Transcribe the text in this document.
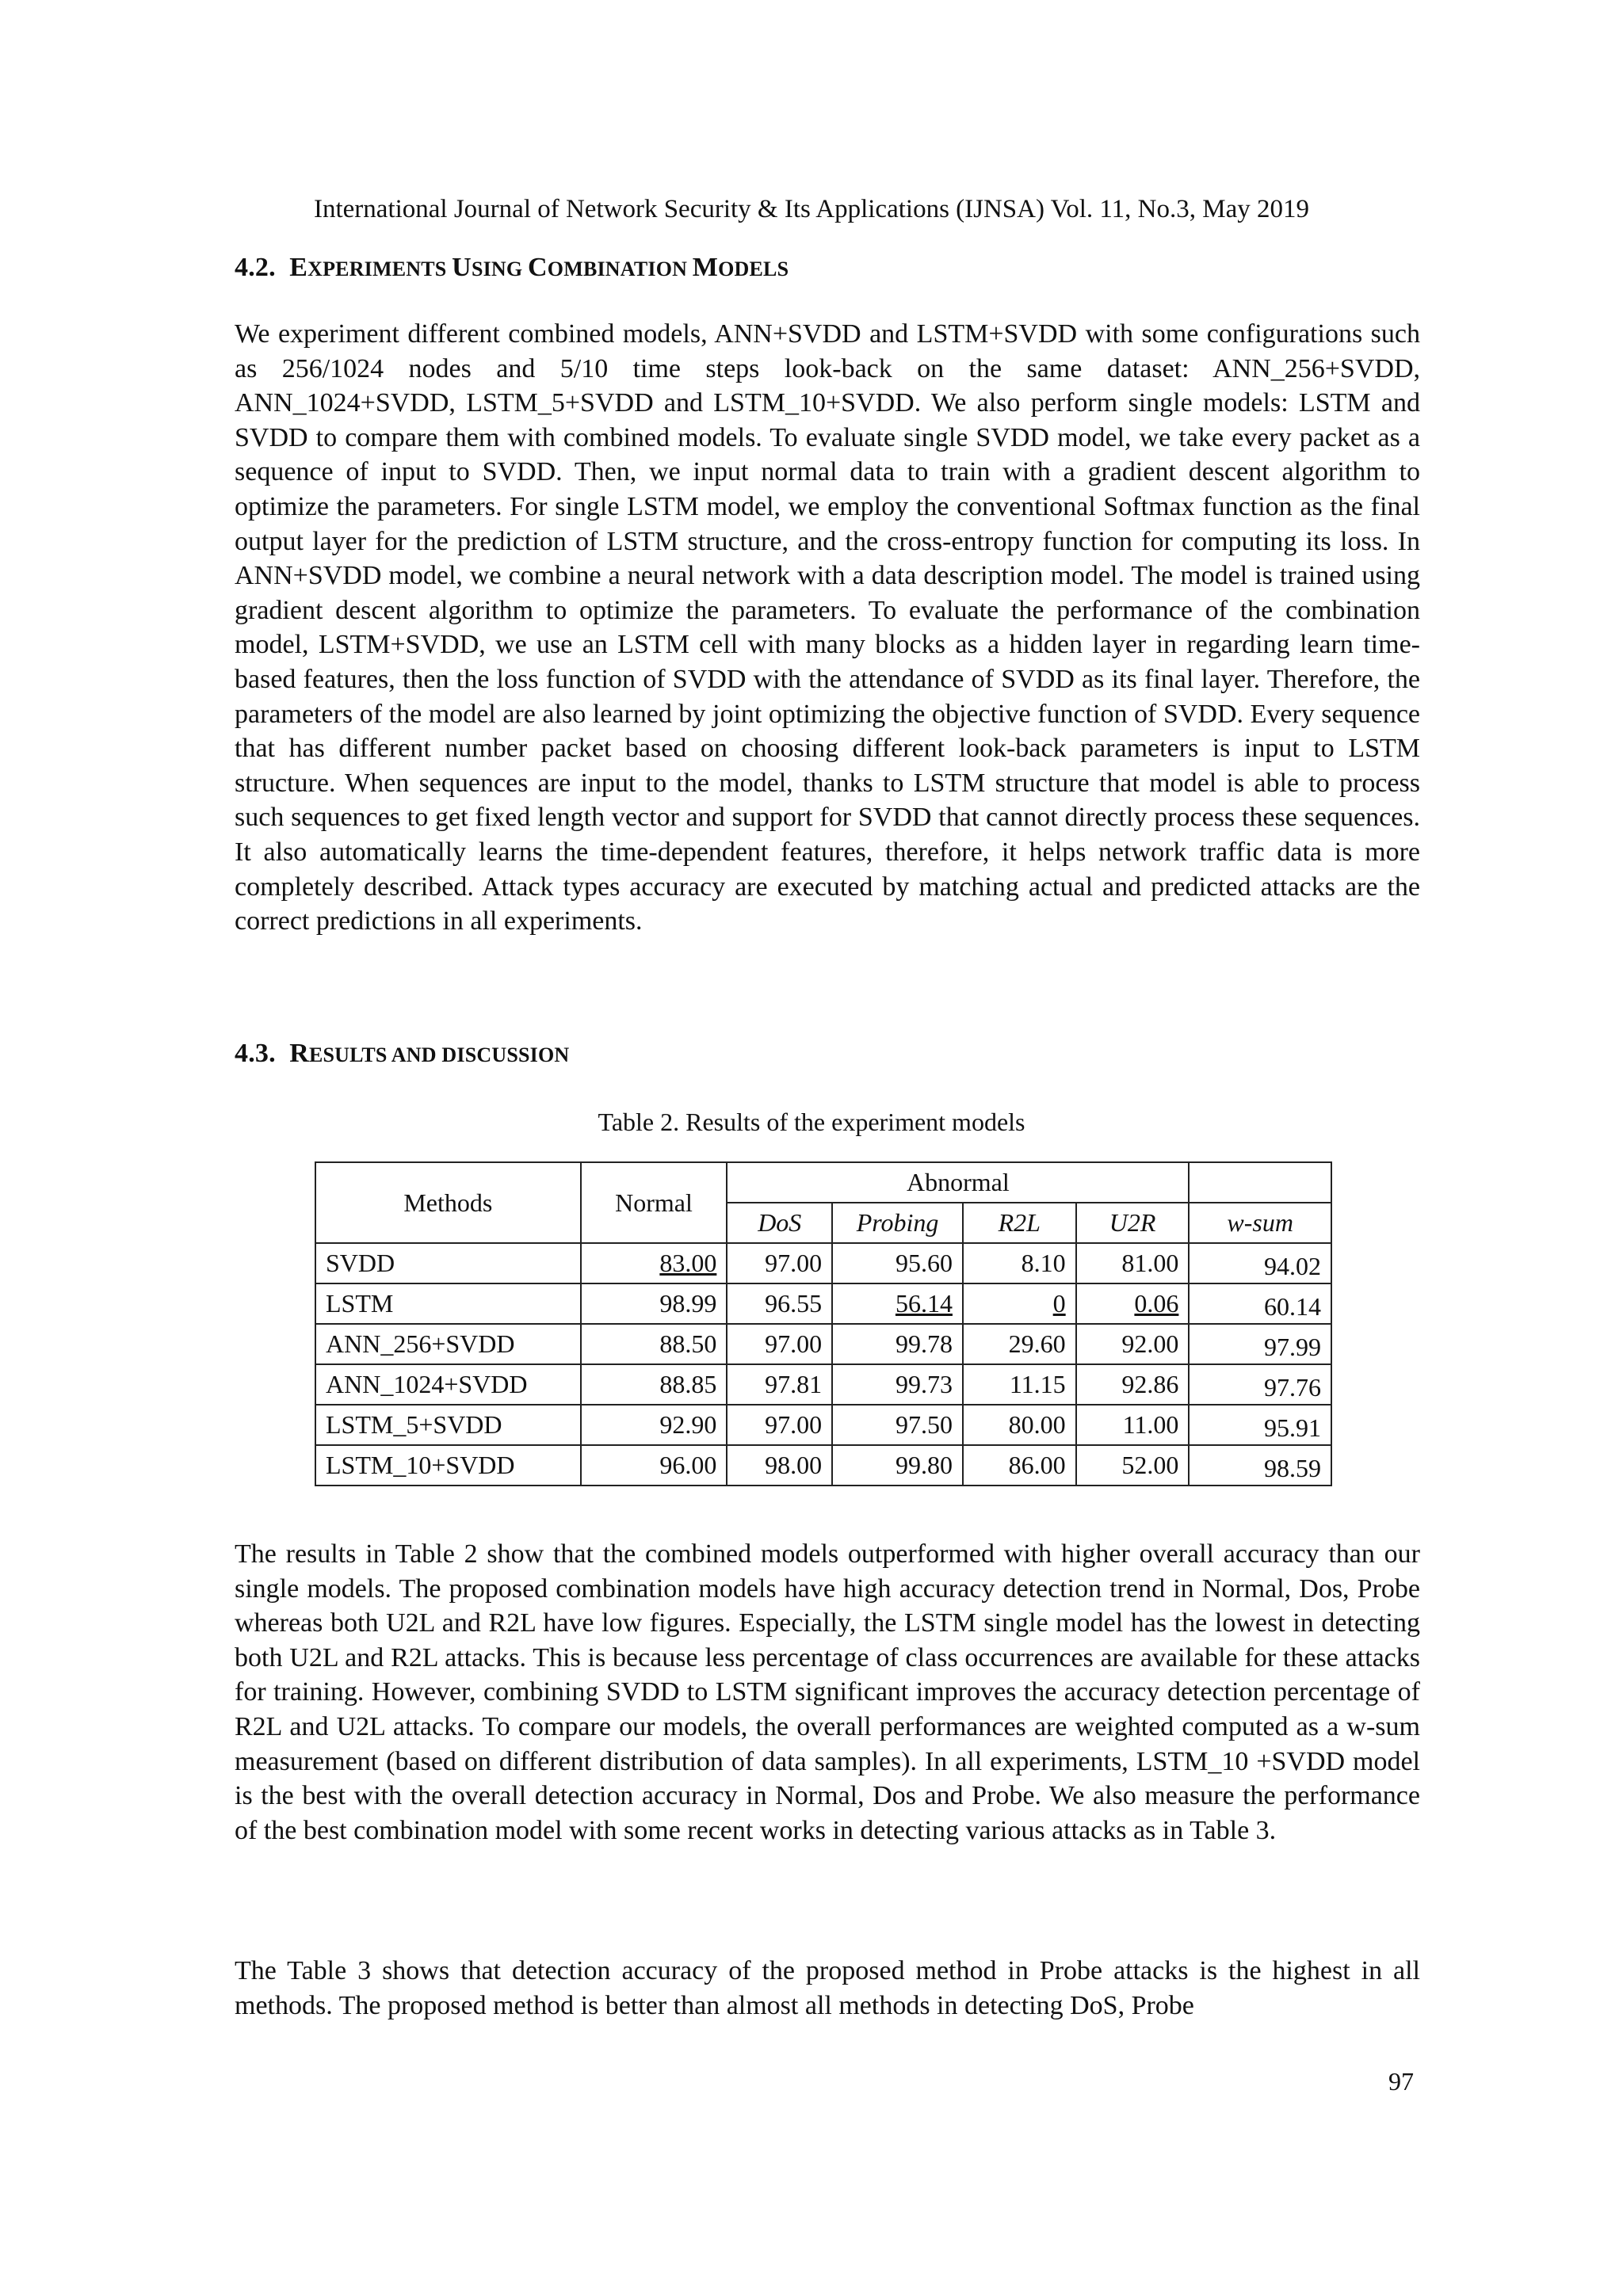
International Journal of Network Security & Its Applications (IJNSA) Vol. 11, No.3, May 2019
4.2. EXPERIMENTS USING COMBINATION MODELS

We experiment different combined models, ANN+SVDD and LSTM+SVDD with some configurations such as 256/1024 nodes and 5/10 time steps look-back on the same dataset: ANN_256+SVDD, ANN_1024+SVDD, LSTM_5+SVDD and LSTM_10+SVDD. We also perform single models: LSTM and SVDD to compare them with combined models. To evaluate single SVDD model, we take every packet as a sequence of input to SVDD. Then, we input normal data to train with a gradient descent algorithm to optimize the parameters. For single LSTM model, we employ the conventional Softmax function as the final output layer for the prediction of LSTM structure, and the cross-entropy function for computing its loss. In ANN+SVDD model, we combine a neural network with a data description model. The model is trained using gradient descent algorithm to optimize the parameters. To evaluate the performance of the combination model, LSTM+SVDD, we use an LSTM cell with many blocks as a hidden layer in regarding learn time-based features, then the loss function of SVDD with the attendance of SVDD as its final layer. Therefore, the parameters of the model are also learned by joint optimizing the objective function of SVDD. Every sequence that has different number packet based on choosing different look-back parameters is input to LSTM structure. When sequences are input to the model, thanks to LSTM structure that model is able to process such sequences to get fixed length vector and support for SVDD that cannot directly process these sequences. It also automatically learns the time-dependent features, therefore, it helps network traffic data is more completely described. Attack types accuracy are executed by matching actual and predicted attacks are the correct predictions in all experiments.

4.3. RESULTS AND DISCUSSION
Table 2. Results of the experiment models
Methods	Normal	Abnormal				
		DoS	Probing	R2L	U2R	w-sum
SVDD	83.00	97.00	95.60	8.10	81.00	94.02
LSTM	98.99	96.55	56.14	0	0.06	60.14
ANN_256+SVDD	88.50	97.00	99.78	29.60	92.00	97.99
ANN_1024+SVDD	88.85	97.81	99.73	11.15	92.86	97.76
LSTM_5+SVDD	92.90	97.00	97.50	80.00	11.00	95.91
LSTM_10+SVDD	96.00	98.00	99.80	86.00	52.00	98.59

The results in Table 2 show that the combined models outperformed with higher overall accuracy than our single models. The proposed combination models have high accuracy detection trend in Normal, Dos, Probe whereas both U2L and R2L have low figures. Especially, the LSTM single model has the lowest in detecting both U2L and R2L attacks. This is because less percentage of class occurrences are available for these attacks for training. However, combining SVDD to LSTM significant improves the accuracy detection percentage of R2L and U2L attacks. To compare our models, the overall performances are weighted computed as a w-sum measurement (based on different distribution of data samples). In all experiments, LSTM_10 +SVDD model is the best with the overall detection accuracy in Normal, Dos and Probe. We also measure the performance of the best combination model with some recent works in detecting various attacks as in Table 3.

The Table 3 shows that detection accuracy of the proposed method in Probe attacks is the highest in all methods. The proposed method is better than almost all methods in detecting DoS, Probe

97
